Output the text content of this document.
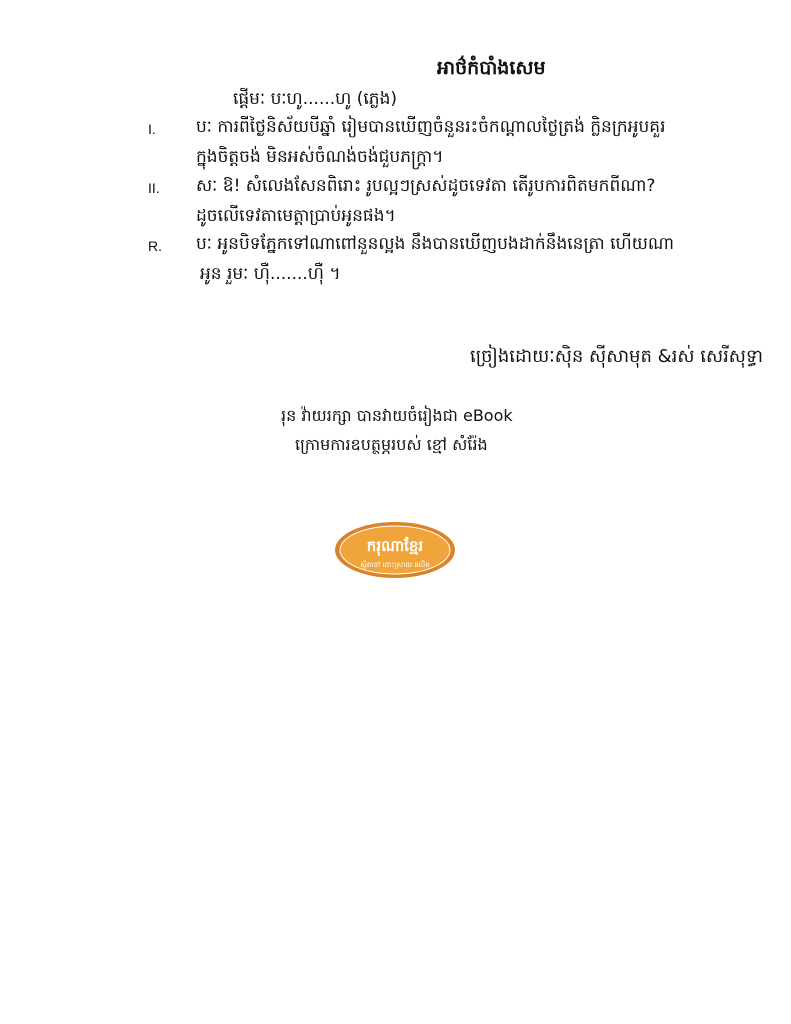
អាថ៌កំបាំងសេម
ផ្ដើមៈ បៈហូ......ហូ (ភ្លេង)
I. បៈ ការពីថ្ងៃនិស័យបីឆ្នាំ រៀមបានឃើញចំនួនរះចំកណ្ដាលថ្ងៃត្រង់ ក្លិនក្រអូបគួរ
ក្នុងចិត្តចង់ មិនអស់ចំណង់ចង់ជួបភក្ត្រា។
II. សៈ ឱ! សំលេងសែនពិរោះ រូបល្អៗស្រស់ដូចទេវតា តើរូបការពិតមកពីណា?
ដូចលើទេវតាមេត្តាប្រាប់អូនផង។
R. បៈ អូនបិទភ្នែកទៅណាពៅនួនល្អង នឹងបានឃើញបងដាក់នឹងនេត្រា ហើយណា
អូន រួមៈ ហ៊ឺ.......ហ៊ឺ ។
ច្រៀងដោយៈស៊ិន ស៊ីសាមុត &រស់ សេរីសុទ្ធា
រុន វ៉ាយរក្សា បានវាយចំរៀងជា eBook
ក្រោមការឧបត្ថម្ភរបស់ ខ្មៅ សំរ៉ែង
ករុណាខ្មែរ
ស្ថិតនៅ ដោះស្រាយ ផលិត
